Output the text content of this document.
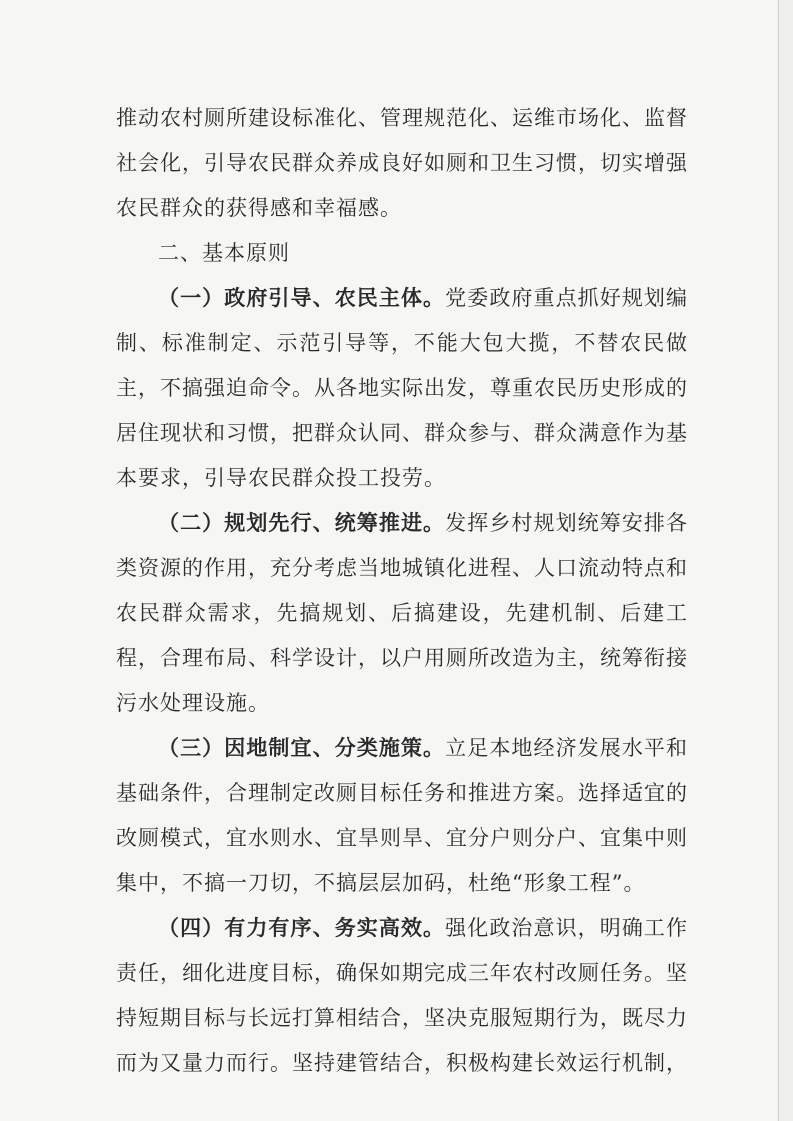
推动农村厕所建设标准化、管理规范化、运维市场化、监督社会化，引导农民群众养成良好如厕和卫生习惯，切实增强农民群众的获得感和幸福感。

二、基本原则

（一）政府引导、农民主体。党委政府重点抓好规划编制、标准制定、示范引导等，不能大包大揽，不替农民做主，不搞强迫命令。从各地实际出发，尊重农民历史形成的居住现状和习惯，把群众认同、群众参与、群众满意作为基本要求，引导农民群众投工投劳。

（二）规划先行、统筹推进。发挥乡村规划统筹安排各类资源的作用，充分考虑当地城镇化进程、人口流动特点和农民群众需求，先搞规划、后搞建设，先建机制、后建工程，合理布局、科学设计，以户用厕所改造为主，统筹衔接污水处理设施。

（三）因地制宜、分类施策。立足本地经济发展水平和基础条件，合理制定改厕目标任务和推进方案。选择适宜的改厕模式，宜水则水、宜旱则旱、宜分户则分户、宜集中则集中，不搞一刀切，不搞层层加码，杜绝“形象工程”。

（四）有力有序、务实高效。强化政治意识，明确工作责任，细化进度目标，确保如期完成三年农村改厕任务。坚持短期目标与长远打算相结合，坚决克服短期行为，既尽力而为又量力而行。坚持建管结合，积极构建长效运行机制，
